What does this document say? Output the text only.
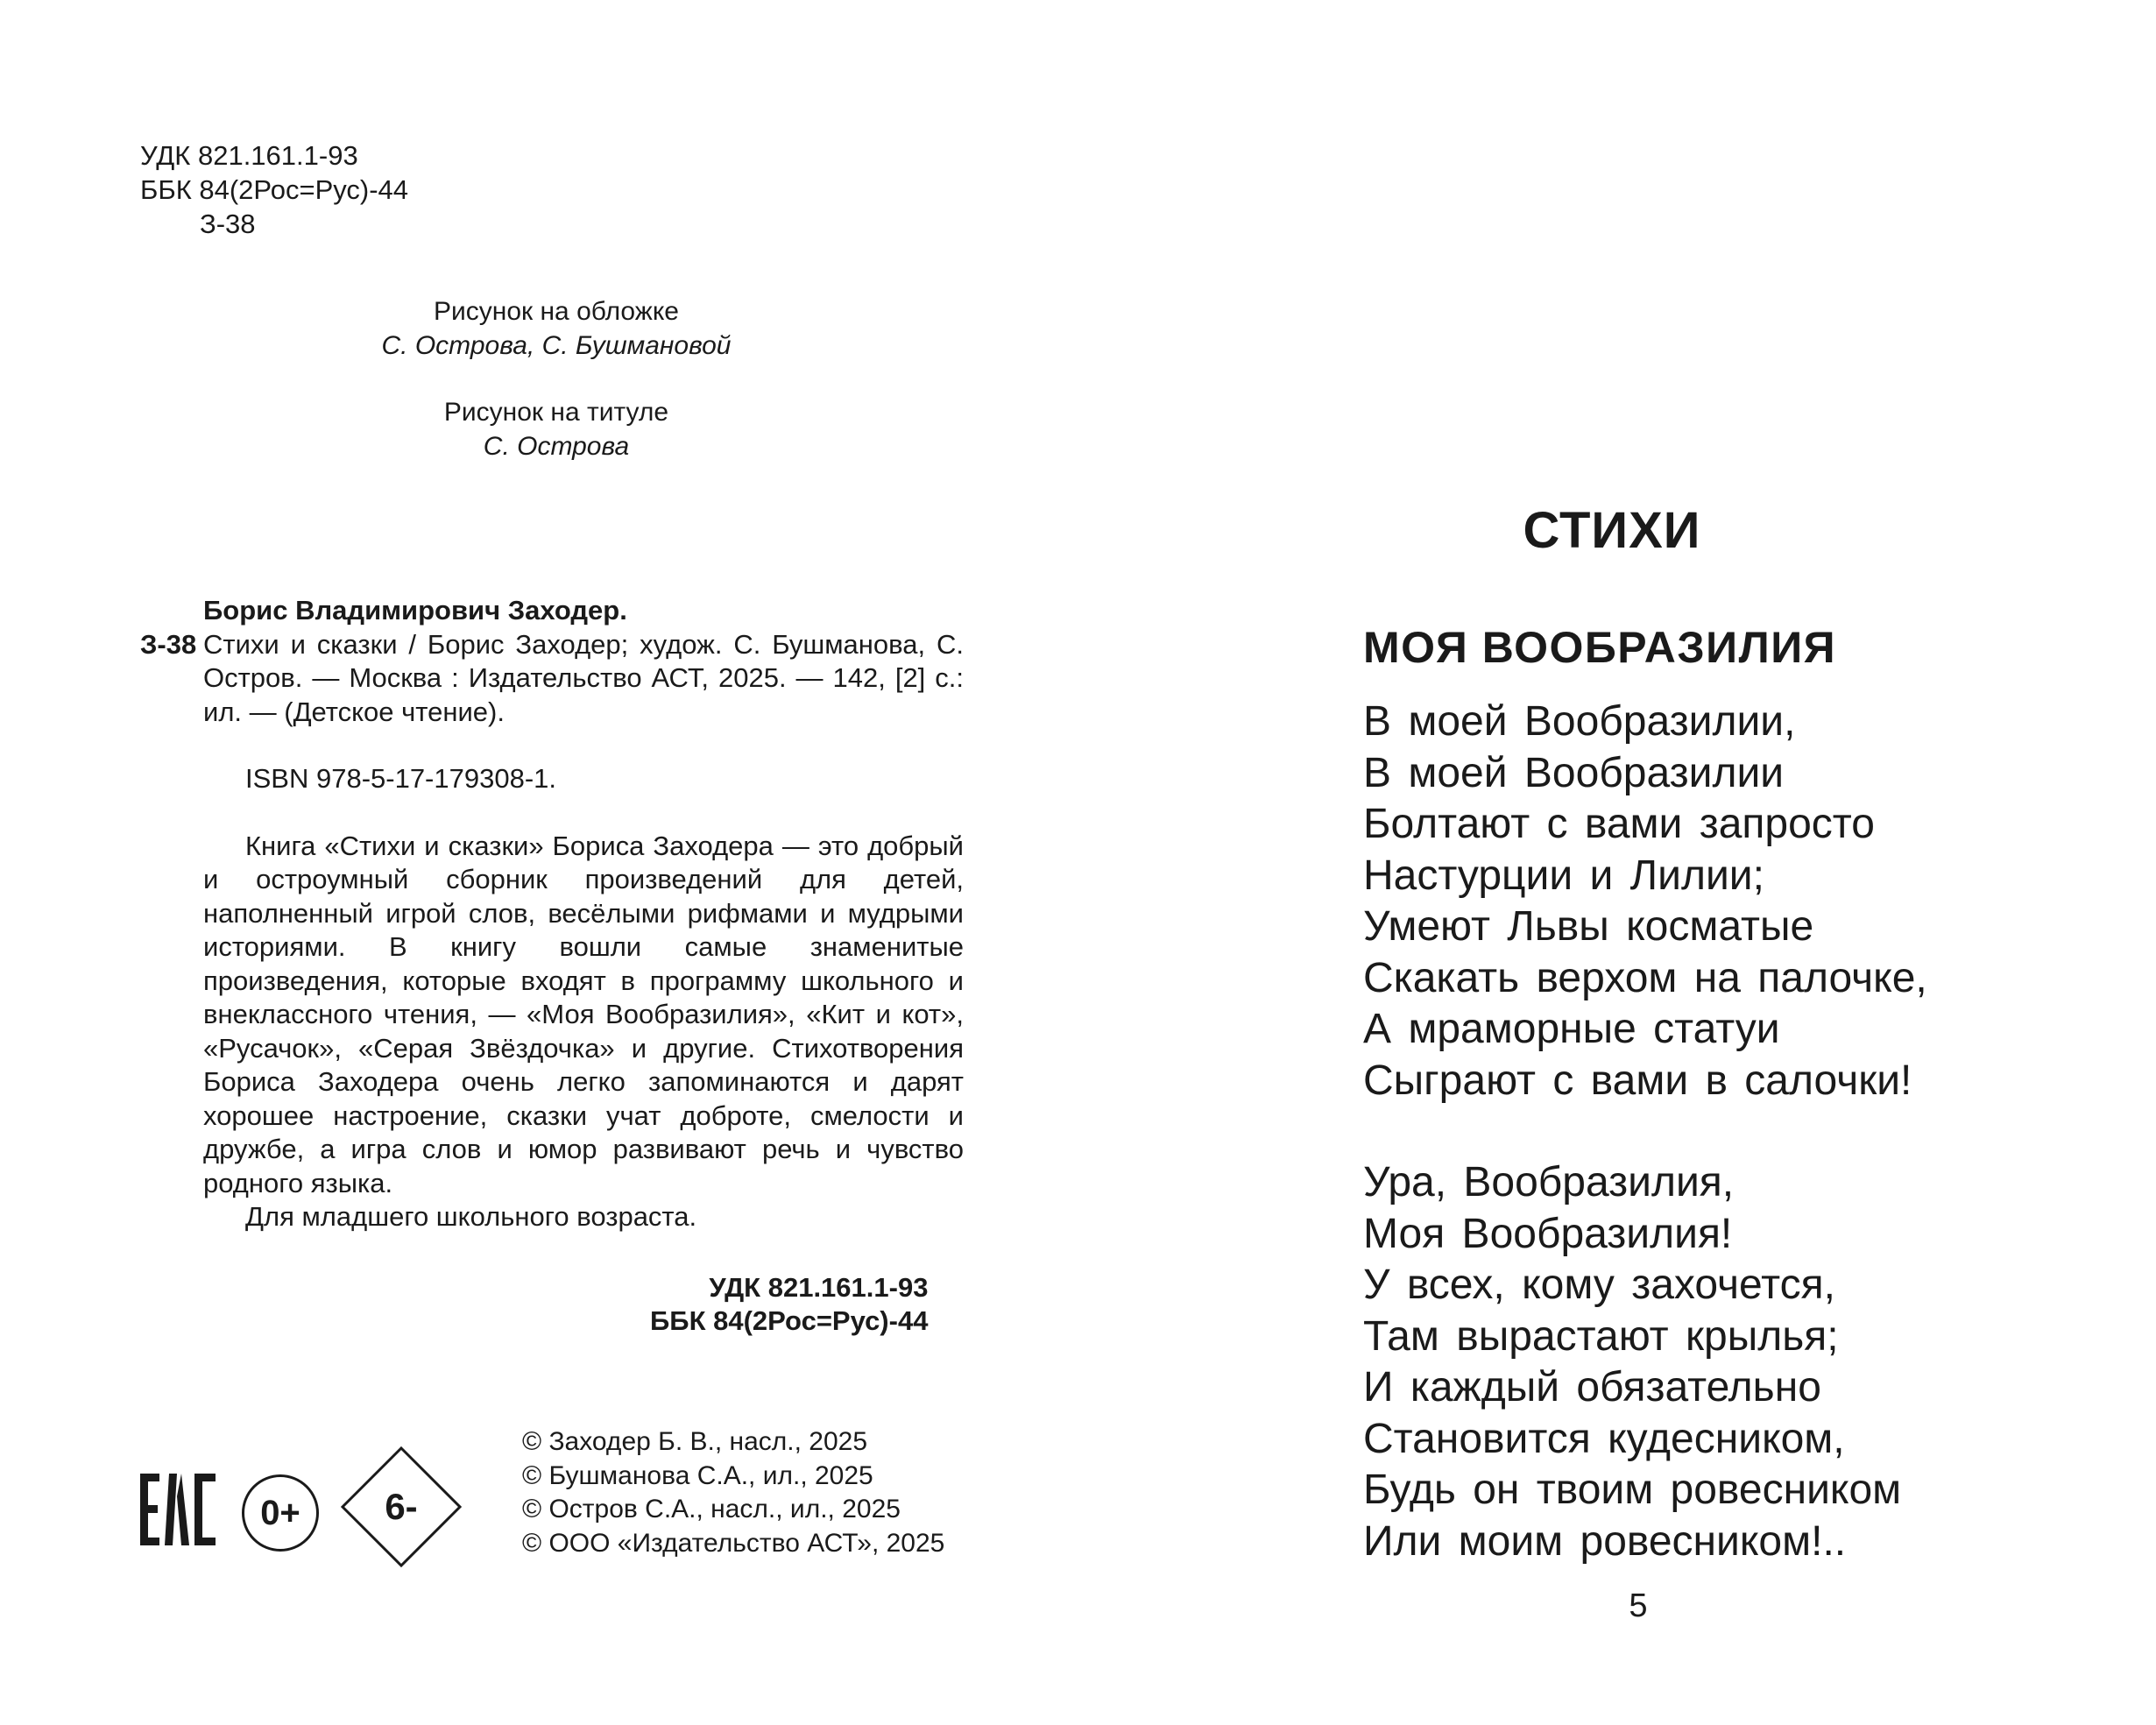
УДК 821.161.1-93
ББК 84(2Рос=Рус)-44
З-38
Рисунок на обложке
С. Острова, С. Бушмановой
Рисунок на титуле
С. Острова
Борис Владимирович Заходер.
З-38 Стихи и сказки / Борис Заходер; худож. С. Бушманова, С. Остров. — Москва : Издательство АСТ, 2025. — 142, [2] с.: ил. — (Детское чтение).
ISBN 978-5-17-179308-1.
Книга «Стихи и сказки» Бориса Заходера — это добрый и остроумный сборник произведений для детей, наполненный игрой слов, весёлыми рифмами и мудрыми историями. В книгу вошли самые знаменитые произведения, которые входят в программу школьного и внеклассного чтения, — «Моя Вообразилия», «Кит и кот», «Русачок», «Серая Звёздочка» и другие. Стихотворения Бориса Заходера очень легко запоминаются и дарят хорошее настроение, сказки учат доброте, смелости и дружбе, а игра слов и юмор развивают речь и чувство родного языка.
Для младшего школьного возраста.
УДК 821.161.1-93
ББК 84(2Рос=Рус)-44
0+	6-
© Заходер Б. В., насл., 2025
© Бушманова С.А., ил., 2025
© Остров С.А., насл., ил., 2025
© ООО «Издательство АСТ», 2025
СТИХИ
МОЯ ВООБРАЗИЛИЯ
В моей Вообразилии,
В моей Вообразилии
Болтают с вами запросто
Настурции и Лилии;
Умеют Львы косматые
Скакать верхом на палочке,
А мраморные статуи
Сыграют с вами в салочки!
Ура, Вообразилия,
Моя Вообразилия!
У всех, кому захочется,
Там вырастают крылья;
И каждый обязательно
Становится кудесником,
Будь он твоим ровесником
Или моим ровесником!..
5
